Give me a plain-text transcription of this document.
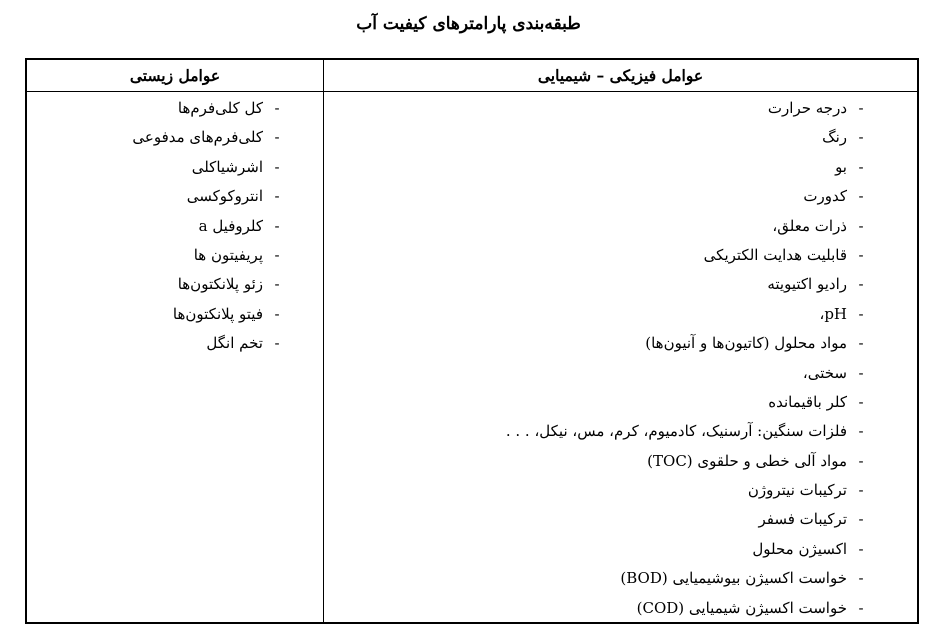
طبقه‌بندی پارامترهای کیفیت آب
عوامل فیزیکی – شیمیایی
عوامل زیستی
-درجه حرارت
-رنگ
-بو
-کدورت
-ذرات معلق،
-قابلیت هدایت الکتریکی
-رادیو اکتیویته
-pH،
-مواد محلول (کاتیون‌ها و آنیون‌ها)
-سختی،
-کلر باقیمانده
-فلزات سنگین: آرسنیک، کادمیوم، کرم، مس، نیکل، . . .
-مواد آلی خطی و حلقوی (TOC)
-ترکیبات نیتروژن
-ترکیبات فسفر
-اکسیژن محلول
-خواست اکسیژن بیوشیمیایی (BOD)
-خواست اکسیژن شیمیایی (COD)
-کل کلی‌فرم‌ها
-کلی‌فرم‌های مدفوعی
-اشرشیاکلی
-انتروکوکسی
-کلروفیل a
-پریفیتون ها
-زئو پلانکتون‌ها
-فیتو پلانکتون‌ها
-تخم انگل
